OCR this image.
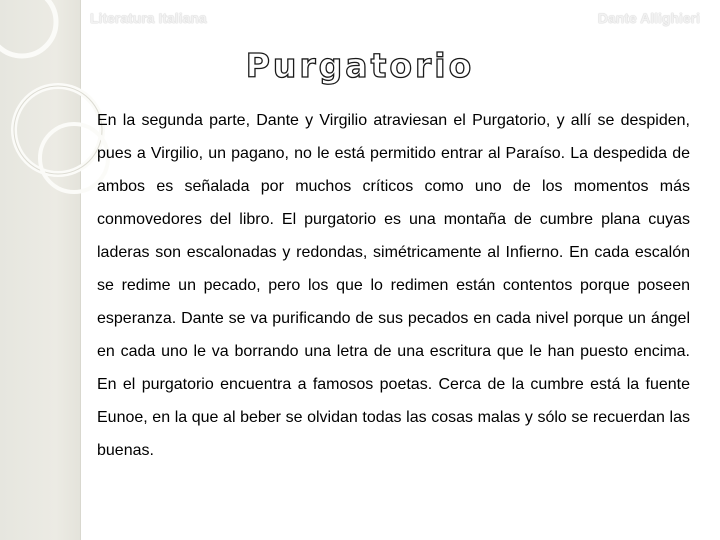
Literatura Italiana	Dante Allighieri
Purgatorio

En la segunda parte, Dante y Virgilio atraviesan el Purgatorio, y allí se despiden, pues a Virgilio, un pagano, no le está permitido entrar al Paraíso. La despedida de ambos es señalada por muchos críticos como uno de los momentos más conmovedores del libro. El purgatorio es una montaña de cumbre plana cuyas laderas son escalonadas y redondas, simétricamente al Infierno. En cada escalón se redime un pecado, pero los que lo redimen están contentos porque poseen esperanza. Dante se va purificando de sus pecados en cada nivel porque un ángel en cada uno le va borrando una letra de una escritura que le han puesto encima. En el purgatorio encuentra a famosos poetas. Cerca de la cumbre está la fuente Eunoe, en la que al beber se olvidan todas las cosas malas y sólo se recuerdan las buenas.
